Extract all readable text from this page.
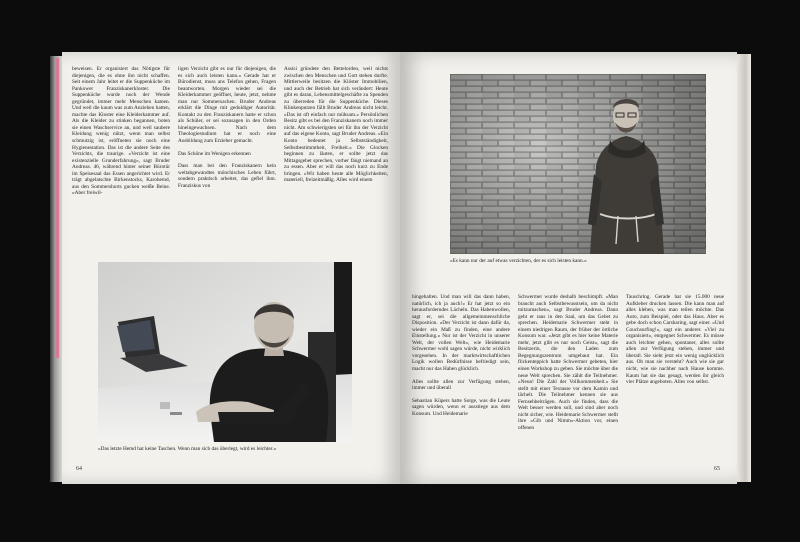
beweisen. Er organisiert das Nötigste für diejenigen, die es ohne ihn nicht schaffen. Seit einem Jahr leitet er die Suppenküche im Pankower Franziskanerkloster. Die Suppenküche wurde noch der Wende gegründet, immer mehr Menschen kamen. Und weil die kaum was zum Anziehen hatten, machte das Kloster eine Kleiderkammer auf. Als die Kleider zu stinken begannen, boten sie einen Waschservice an, und weil saubere Kleidung wenig nützt, wenn man selbst schmutzig ist, eröffneten sie noch eine Hygienestation. Das ist die andere Seite des Verzichts, die traurige. »Verzicht ist eine existenzielle Grunderfahrung«, sagt Bruder Andreas. 46, während hinter seiner Bürotür im Speisesaal das Essen angerichtet wird. Er trägt abgelatschte Birkenstocks, Karohemd, aus den Sommershorts gucken weiße Beine. »Aber freiwil-

ligen Verzicht gibt es nur für diejenigen, die es sich auch leisten kann.« Gerade hat er Bürodienst, muss ans Telefon gehen, Fragen beantworten. Morgen wieder sei die Kleiderkammer geöffnet, heute, jetzt, nehme man nur Sommersachen. Bruder Andreas erklärt die Dinge mit geduldiger Autorität. Kontakt zu den Franziskanern hatte er schon als Schüler, er sei sozusagen in den Orden hineingewachsen. Nach dem Theologiestudium hat er noch eine Ausbildung zum Erzieher gemacht.

Das Schöne im Wenigen erkennen

Dass man bei den Franziskanern kein weltabgewandtes mönchisches Leben führt, sondern praktisch arbeitet, das gefiel ihm. Franziskus von

Assisi gründete den Bettelorden, weil nichts zwischen den Menschen und Gott stehen durfte. Mittlerweile besitzen die Klöster Immobilien, und auch der Betrieb hat sich verändert: Heute gibt es daran, Lebensmittelgeschäfte zu Spenden zu überreden für die Suppenküche. Dieses Klinkenputzen fällt Bruder Andreas nicht leicht. »Das ist oft einfach nur mühsam.« Persönlichen Besitz gibt es bei den Franziskanern noch immer nicht. Am schwierigsten sei für ihn der Verzicht auf das eigene Konto, sagt Bruder Andreas. »Ein Konto bedeutet ja Selbstständigkeit, Selbstbestimmtheit, Freiheit.« Die Glocken beginnen zu läuten, er sollte jetzt das Mittagsgebet sprechen, vorher fängt niemand an zu essen. Aber er will das noch kurz zu Ende bringen. »Wir haben heute alle Möglichkeiten, materiell, freizeitmäßig. Alles wird einem

»Das letzte Hemd hat keine Taschen. Wenn man sich das überlegt, wird es leichter.«
64
»Es kann nur der auf etwas verzichten, der es sich leisten kann.«

hingehalten. Und man will das dann haben, natürlich, ich ja auch!« Er hat jetzt so ein herausforderndes Lächeln. Das Habenwollen, sagt er, sei die allgemeinmenschliche Disposition. »Der Verzicht ist dann dafür da, wieder ein Maß zu finden, eine andere Einstellung.« Nur ist der Verzicht in unserer Welt, der vollen Welt«, wie Heidemarie Schwermer wohl sagen würde, nicht wirklich vorgesehen. In der marktwirtschaftlichen Logik wollen Bedürfnisse befriedigt sein, macht nur das Haben glücklich.

Alles sollte allen zur Verfügung stehen, immer und überall

Sebastian Küpers hatte Sorge, was die Leute sagen würden, wenn er ausstiege aus dem Konsum. Und Heidemarie

Schwermer wurde deshalb beschimpft. »Man braucht auch Selbstbewusstsein, um da nicht mitzumachen«, sagt Bruder Andreas. Dann geht er raus in den Saal, um das Gebet zu sprechen. Heidemarie Schwermer steht in einem niedrigen Raum, der früher der örtliche Konsum war. »Jetzt gibt es hier keine Materie mehr, jetzt gibt es nur noch Geist«, sagt die Besitzerin, die den Laden zum Begegnungszentrum umgebaut hat. Ein flickenteppich hatte Schwermer gebeten, hier einen Workshop zu geben. Sie möchte über die neue Welt sprechen. Sie zählt die Teilnehmer. »Neun! Die Zahl der Vollkommenheit.« Sie stellt mit einer Textasse vor dem Kamin und lächelt. Die Teilnehmer kennen sie aus Fernsehbeiträgen. Auch sie finden, dass die Welt besser werden soll, und sind aber noch nicht sicher, wie. Heidemarie Schwermer stellt ihre »Gib und Nimm«-Aktion vor, einen offenen

Tauschring. Gerade hat sie 15.000 neue Aufkleber drucken lassen. Die kann man auf alles kleben, was man teilen möchte. Das Auto, zum Beispiel, oder das Haus. Aber es gebe doch schon Carsharing, sagt einer. »Und Couchsurfing!«, sagt ein anderer. »Viel zu organisiert«, entgegnet Schwermer. Es müsse auch leichter gehen, spontaner, alles sollte allen zur Verfügung stehen, immer und überall. Sie sieht jetzt ein wenig unglücklich aus. Ob man sie versteht? Auch wie sie gar nicht, wie sie nachher nach Hause komme. Kaum hat sie das gesagt, werden ihr gleich vier Plätze angeboten. Alles von selbst.

65
